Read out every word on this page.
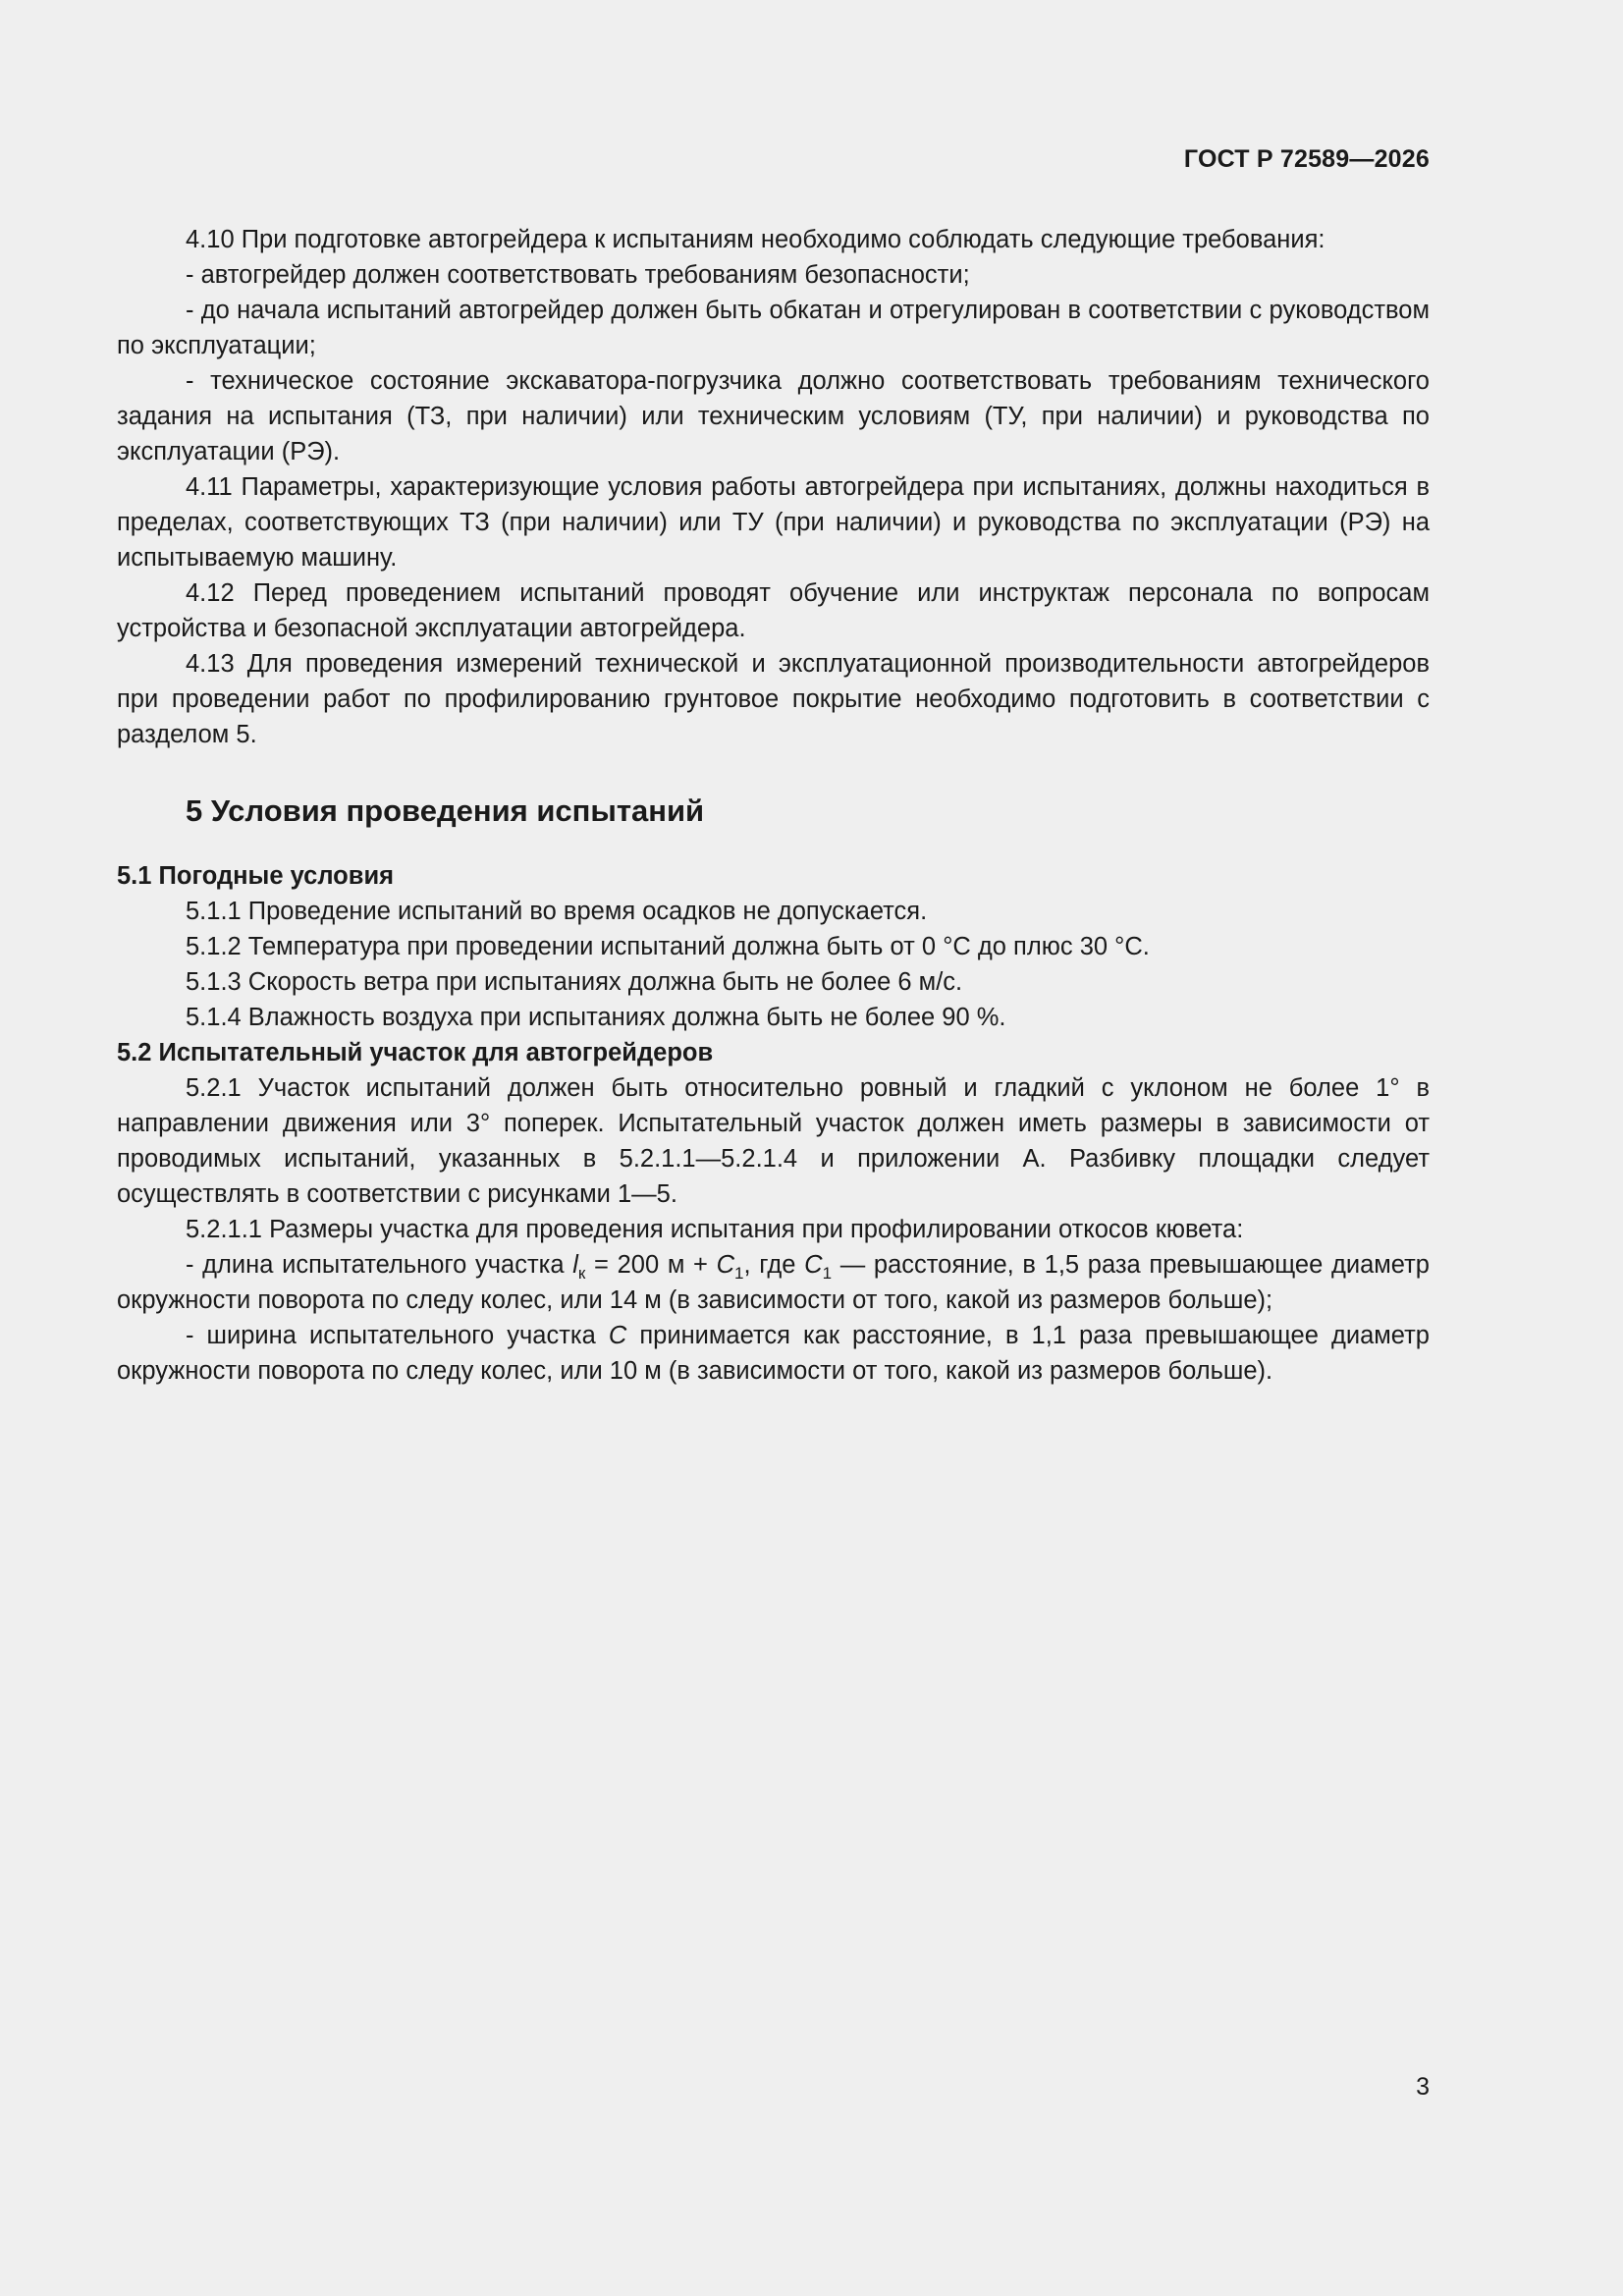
ГОСТ Р 72589—2026

4.10 При подготовке автогрейдера к испытаниям необходимо соблюдать следующие требования:

- автогрейдер должен соответствовать требованиям безопасности;

- до начала испытаний автогрейдер должен быть обкатан и отрегулирован в соответствии с руководством по эксплуатации;

- техническое состояние экскаватора-погрузчика должно соответствовать требованиям технического задания на испытания (ТЗ, при наличии) или техническим условиям (ТУ, при наличии) и руководства по эксплуатации (РЭ).

4.11 Параметры, характеризующие условия работы автогрейдера при испытаниях, должны находиться в пределах, соответствующих ТЗ (при наличии) или ТУ (при наличии) и руководства по эксплуатации (РЭ) на испытываемую машину.

4.12 Перед проведением испытаний проводят обучение или инструктаж персонала по вопросам устройства и безопасной эксплуатации автогрейдера.

4.13 Для проведения измерений технической и эксплуатационной производительности автогрейдеров при проведении работ по профилированию грунтовое покрытие необходимо подготовить в соответствии с разделом 5.

5 Условия проведения испытаний

5.1 Погодные условия

5.1.1 Проведение испытаний во время осадков не допускается.

5.1.2 Температура при проведении испытаний должна быть от 0 °С до плюс 30 °С.

5.1.3 Скорость ветра при испытаниях должна быть не более 6 м/с.

5.1.4 Влажность воздуха при испытаниях должна быть не более 90 %.

5.2 Испытательный участок для автогрейдеров

5.2.1 Участок испытаний должен быть относительно ровный и гладкий с уклоном не более 1° в направлении движения или 3° поперек. Испытательный участок должен иметь размеры в зависимости от проводимых испытаний, указанных в 5.2.1.1—5.2.1.4 и приложении А. Разбивку площадки следует осуществлять в соответствии с рисунками 1—5.

5.2.1.1 Размеры участка для проведения испытания при профилировании откосов кювета:

- длина испытательного участка $l_к = 200$ $м + C_1$, где $C_1$ — расстояние, в 1,5 раза превышающее диаметр окружности поворота по следу колес, или 14 м (в зависимости от того, какой из размеров больше);

- ширина испытательного участка C принимается как расстояние, в 1,1 раза превышающее диаметр окружности поворота по следу колес, или 10 м (в зависимости от того, какой из размеров больше).

3
